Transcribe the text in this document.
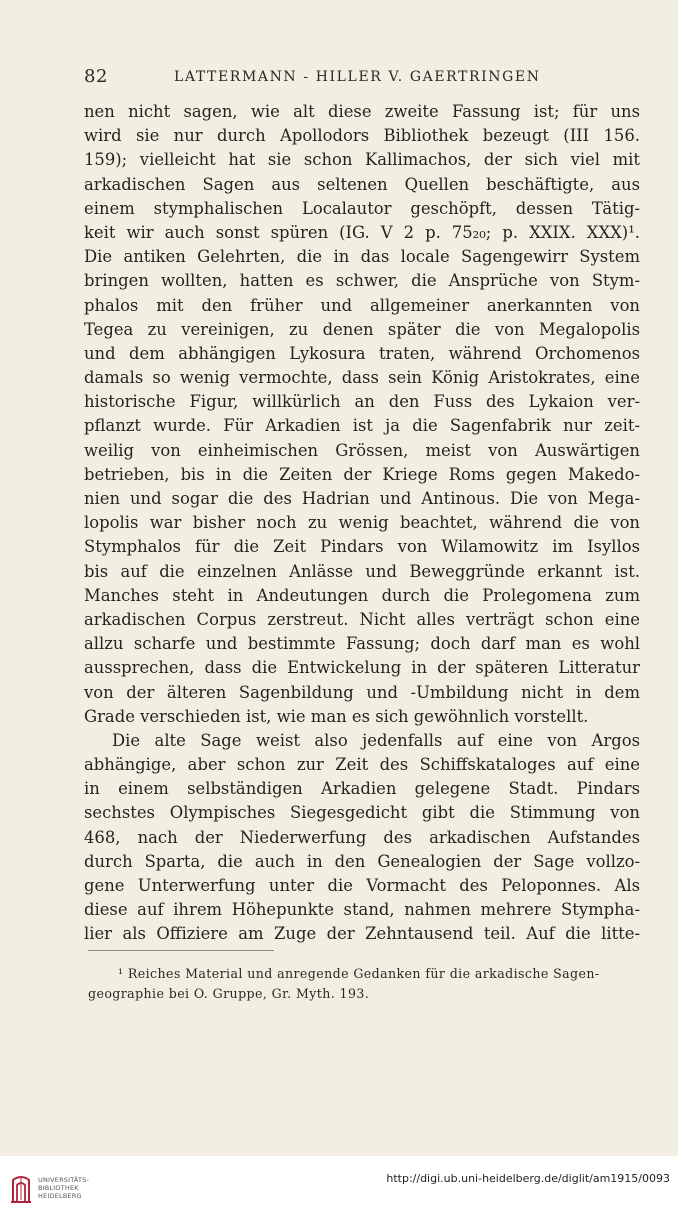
82	LATTERMANN - HILLER V. GAERTRINGEN
nen nicht sagen, wie alt diese zweite Fassung ist; für uns
wird sie nur durch Apollodors Bibliothek bezeugt (III 156.
159); vielleicht hat sie schon Kallimachos, der sich viel mit
arkadischen Sagen aus seltenen Quellen beschäftigte, aus
einem stymphalischen Localautor geschöpft, dessen Tätig-
keit wir auch sonst spüren (IG. V 2 p. 75₂₀; p. XXIX. XXX)¹.
Die antiken Gelehrten, die in das locale Sagengewirr System
bringen wollten, hatten es schwer, die Ansprüche von Stym-
phalos mit den früher und allgemeiner anerkannten von
Tegea zu vereinigen, zu denen später die von Megalopolis
und dem abhängigen Lykosura traten, während Orchomenos
damals so wenig vermochte, dass sein König Aristokrates, eine
historische Figur, willkürlich an den Fuss des Lykaion ver-
pflanzt wurde. Für Arkadien ist ja die Sagenfabrik nur zeit-
weilig von einheimischen Grössen, meist von Auswärtigen
betrieben, bis in die Zeiten der Kriege Roms gegen Makedo-
nien und sogar die des Hadrian und Antinous. Die von Mega-
lopolis war bisher noch zu wenig beachtet, während die von
Stymphalos für die Zeit Pindars von Wilamowitz im Isyllos
bis auf die einzelnen Anlässe und Beweggründe erkannt ist.
Manches steht in Andeutungen durch die Prolegomena zum
arkadischen Corpus zerstreut. Nicht alles verträgt schon eine
allzu scharfe und bestimmte Fassung; doch darf man es wohl
aussprechen, dass die Entwickelung in der späteren Litteratur
von der älteren Sagenbildung und -Umbildung nicht in dem
Grade verschieden ist, wie man es sich gewöhnlich vorstellt.
Die alte Sage weist also jedenfalls auf eine von Argos
abhängige, aber schon zur Zeit des Schiffskataloges auf eine
in einem selbständigen Arkadien gelegene Stadt. Pindars
sechstes Olympisches Siegesgedicht gibt die Stimmung von
468, nach der Niederwerfung des arkadischen Aufstandes
durch Sparta, die auch in den Genealogien der Sage vollzo-
gene Unterwerfung unter die Vormacht des Peloponnes. Als
diese auf ihrem Höhepunkte stand, nahmen mehrere Stympha-
lier als Offiziere am Zuge der Zehntausend teil. Auf die litte-
¹ Reiches Material und anregende Gedanken für die arkadische Sagen-
geographie bei O. Gruppe, Gr. Myth. 193.
UNIVERSITÄTS-
BIBLIOTHEK
HEIDELBERG
http://digi.ub.uni-heidelberg.de/diglit/am1915/0093
